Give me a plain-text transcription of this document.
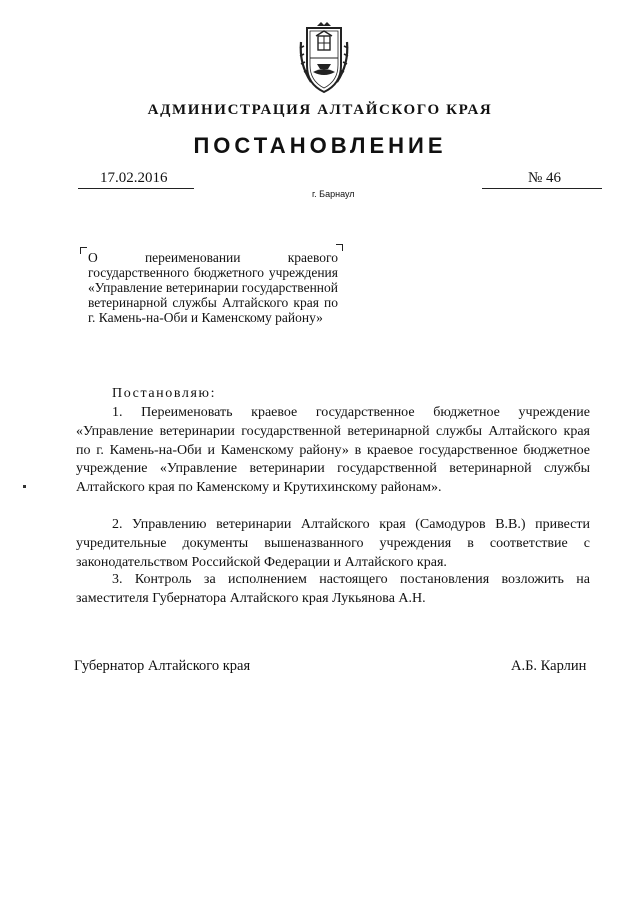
АДМИНИСТРАЦИЯ АЛТАЙСКОГО КРАЯ
ПОСТАНОВЛЕНИЕ
17.02.2016	№ 46
г. Барнаул
О переименовании краевого государственного бюджетного учреждения «Управление ветеринарии государственной ветеринарной службы Алтайского края по г. Камень-на-Оби и Каменскому району»
Постановляю:
1. Переименовать краевое государственное бюджетное учреждение «Управление ветеринарии государственной ветеринарной службы Алтайского края по г. Камень-на-Оби и Каменскому району» в краевое государственное бюджетное учреждение «Управление ветеринарии государственной ветеринарной службы Алтайского края по Каменскому и Крутихинскому районам».
2. Управлению ветеринарии Алтайского края (Самодуров В.В.) привести учредительные документы вышеназванного учреждения в соответствие с законодательством Российской Федерации и Алтайского края.
3. Контроль за исполнением настоящего постановления возложить на заместителя Губернатора Алтайского края Лукьянова А.Н.
Губернатор Алтайского края	А.Б. Карлин
